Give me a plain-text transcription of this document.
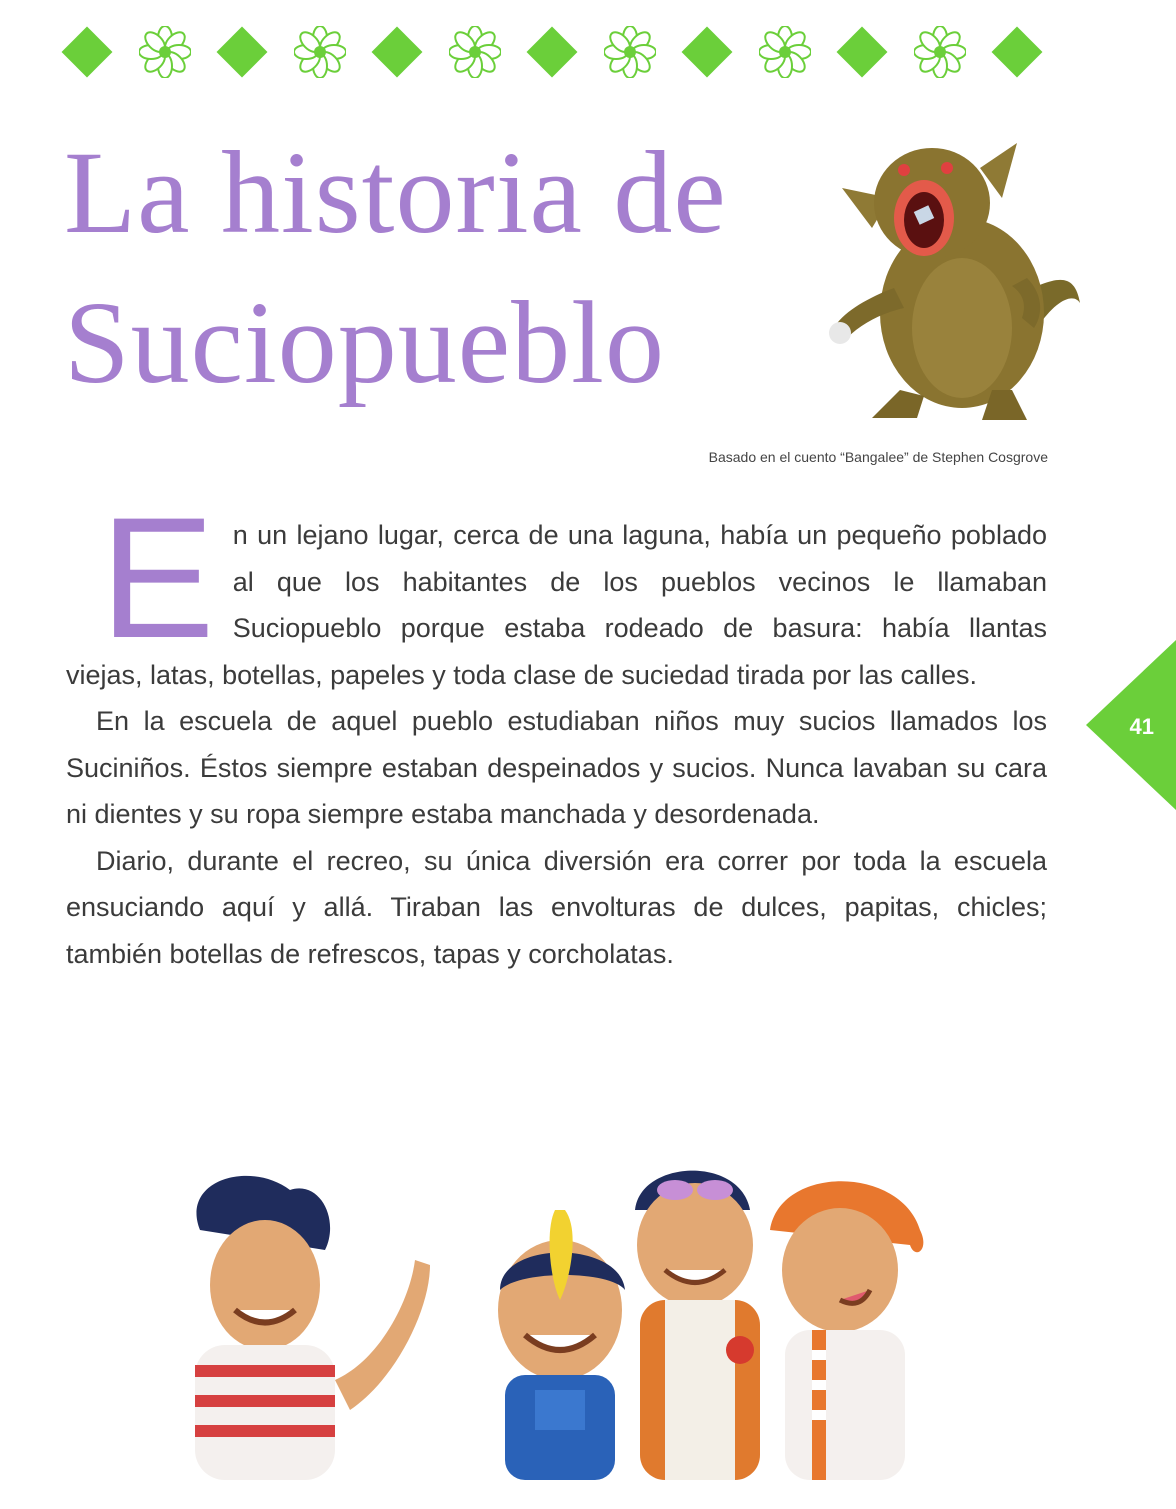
La historia de
Suciopueblo
Basado en el cuento “Bangalee” de Stephen Cosgrove

En un lejano lugar, cerca de una laguna, había un pequeño poblado al que los habitantes de los pueblos vecinos le llamaban Suciopueblo porque estaba rodeado de basura: había llantas viejas, latas, botellas, papeles y toda clase de suciedad tirada por las calles.

En la escuela de aquel pueblo estudiaban niños muy sucios llamados los Suciniños. Éstos siempre estaban despeinados y sucios. Nunca lavaban su cara ni dientes y su ropa siempre estaba manchada y desordenada.

Diario, durante el recreo, su única diversión era correr por toda la escuela ensuciando aquí y allá. Tiraban las envolturas de dulces, papitas, chicles; también botellas de refrescos, tapas y corcholatas.

41
